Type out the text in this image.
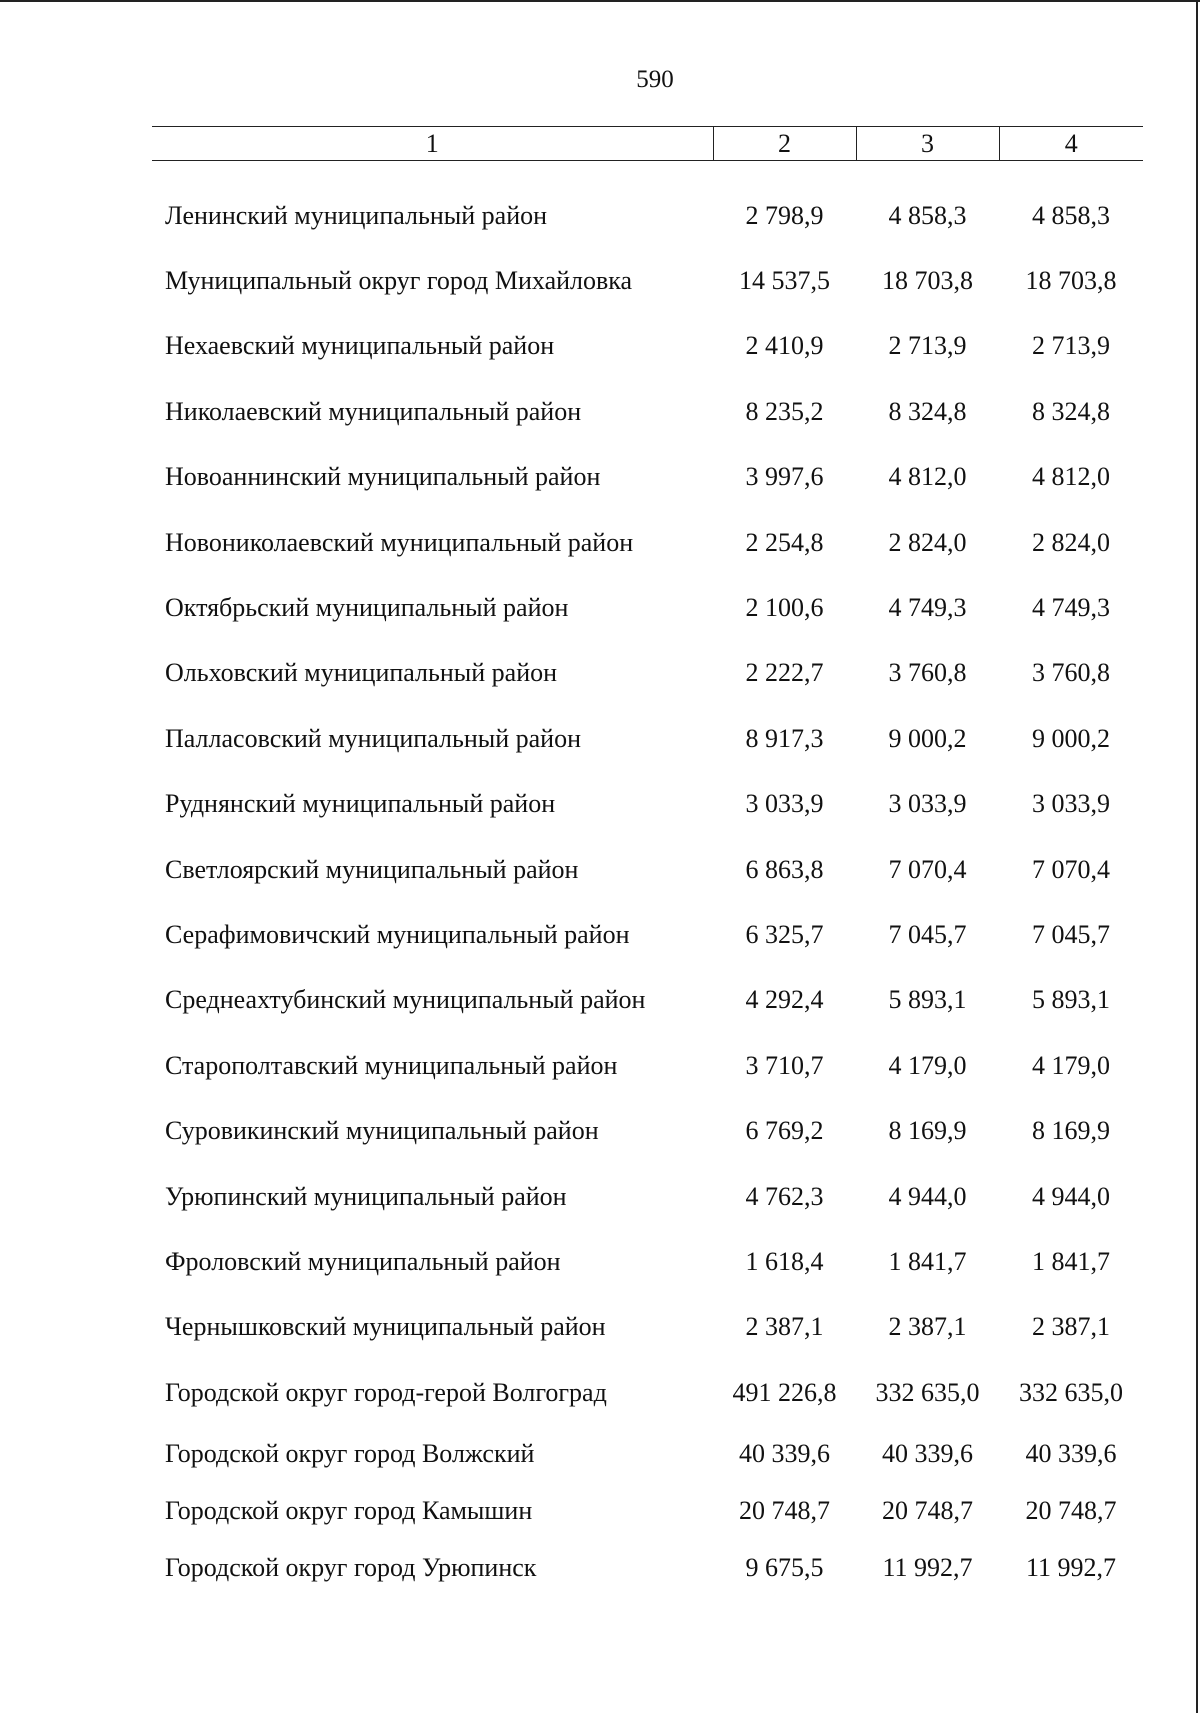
590
1	2	3	4
Ленинский муниципальный район	2 798,9	4 858,3	4 858,3
Муниципальный округ город Михайловка	14 537,5	18 703,8	18 703,8
Нехаевский муниципальный район	2 410,9	2 713,9	2 713,9
Николаевский муниципальный район	8 235,2	8 324,8	8 324,8
Новоаннинский муниципальный район	3 997,6	4 812,0	4 812,0
Новониколаевский муниципальный район	2 254,8	2 824,0	2 824,0
Октябрьский муниципальный район	2 100,6	4 749,3	4 749,3
Ольховский муниципальный район	2 222,7	3 760,8	3 760,8
Палласовский муниципальный район	8 917,3	9 000,2	9 000,2
Руднянский муниципальный район	3 033,9	3 033,9	3 033,9
Светлоярский муниципальный район	6 863,8	7 070,4	7 070,4
Серафимовичский муниципальный район	6 325,7	7 045,7	7 045,7
Среднеахтубинский муниципальный район	4 292,4	5 893,1	5 893,1
Старополтавский муниципальный район	3 710,7	4 179,0	4 179,0
Суровикинский муниципальный район	6 769,2	8 169,9	8 169,9
Урюпинский муниципальный район	4 762,3	4 944,0	4 944,0
Фроловский муниципальный район	1 618,4	1 841,7	1 841,7
Чернышковский муниципальный район	2 387,1	2 387,1	2 387,1
Городской округ город-герой Волгоград	491 226,8	332 635,0	332 635,0
Городской округ город Волжский	40 339,6	40 339,6	40 339,6
Городской округ город Камышин	20 748,7	20 748,7	20 748,7
Городской округ город Урюпинск	9 675,5	11 992,7	11 992,7
